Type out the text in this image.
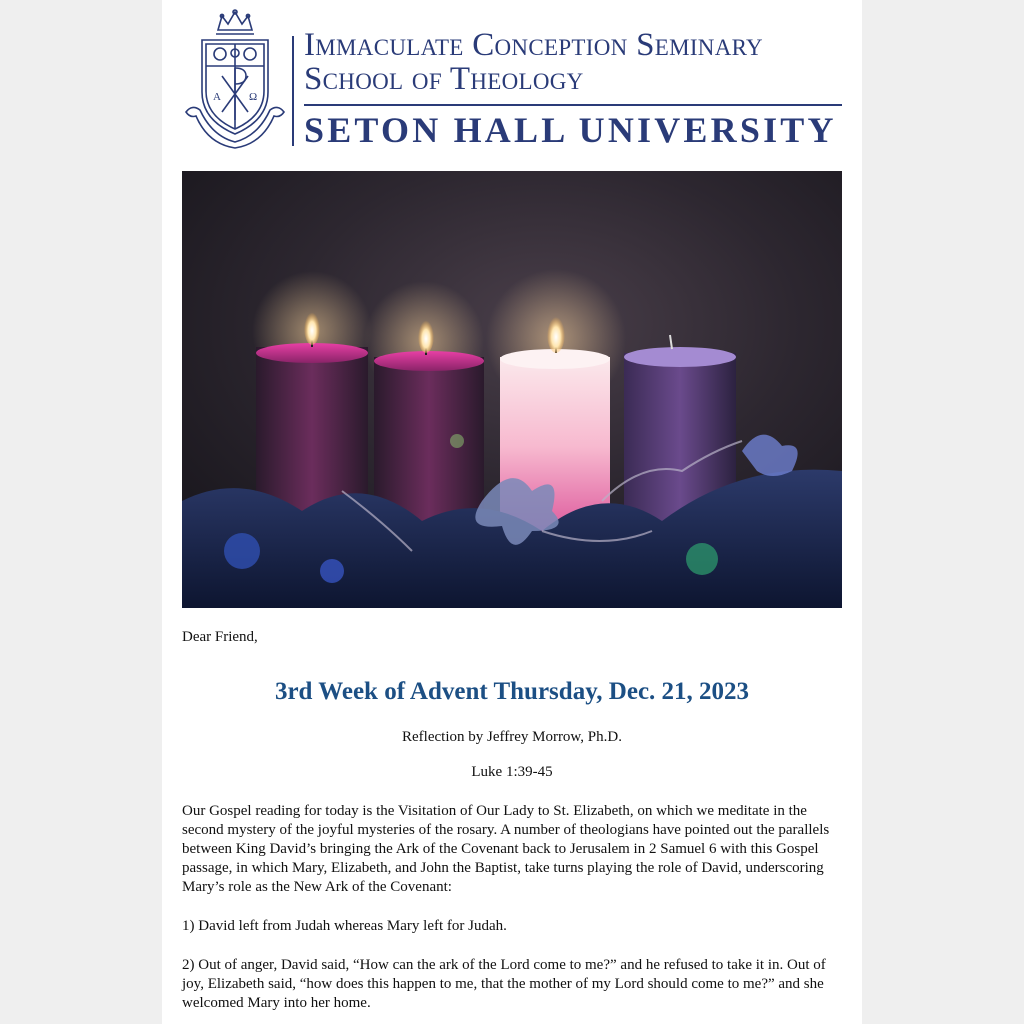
A	Ω
Immaculate Conception Seminary
School of Theology
SETON HALL UNIVERSITY

Dear Friend,

3rd Week of Advent Thursday, Dec. 21, 2023

Reflection by Jeffrey Morrow, Ph.D.

Luke 1:39-45

Our Gospel reading for today is the Visitation of Our Lady to St. Elizabeth, on which we meditate in the second mystery of the joyful mysteries of the rosary. A number of theologians have pointed out the parallels between King David’s bringing the Ark of the Covenant back to Jerusalem in 2 Samuel 6 with this Gospel passage, in which Mary, Elizabeth, and John the Baptist, take turns playing the role of David, underscoring Mary’s role as the New Ark of the Covenant:

1) David left from Judah whereas Mary left for Judah.

2) Out of anger, David said, “How can the ark of the Lord come to me?” and he refused to take it in. Out of joy, Elizabeth said, “how does this happen to me, that the mother of my Lord should come to me?” and she welcomed Mary into her home.
